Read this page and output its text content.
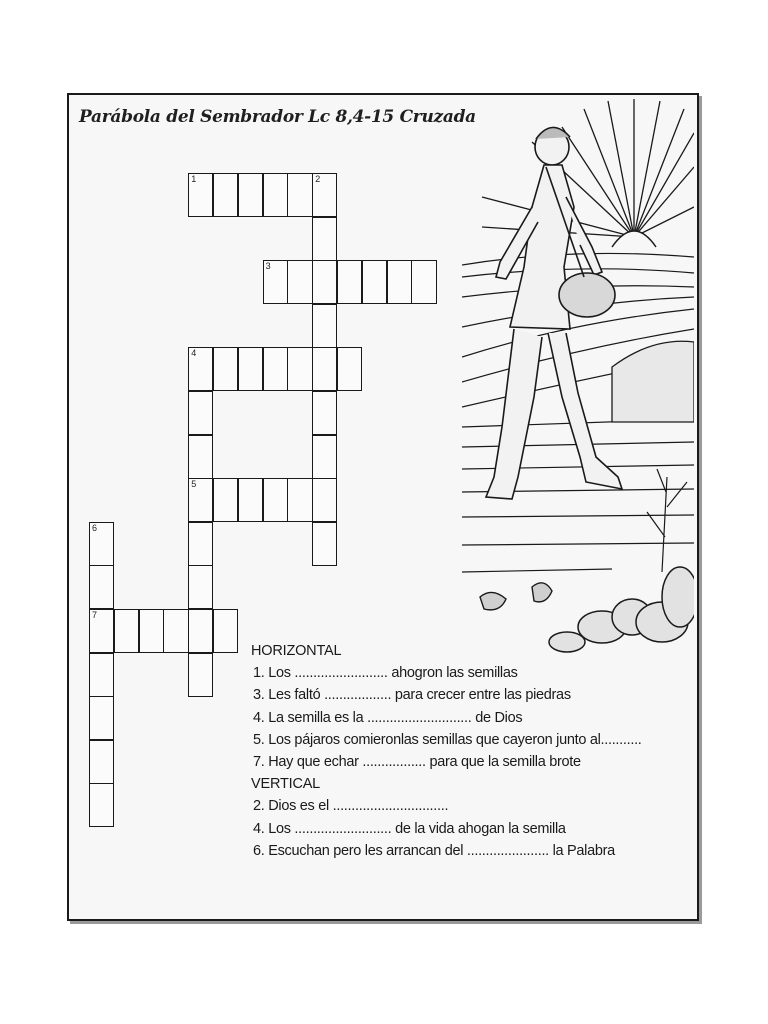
Parábola del Sembrador Lc 8,4-15 Cruzada
1	2
3
4
5
6
7
HORIZONTAL
1. Los ......................... ahogron las semillas
3. Les faltó .................. para crecer entre las piedras
4. La semilla es la ............................ de Dios
5. Los pájaros comieronlas semillas que cayeron junto al...........
7. Hay que echar ................. para que la semilla brote
VERTICAL
2. Dios es el ...............................
4. Los .......................... de la vida ahogan la semilla
6. Escuchan pero les arrancan del ...................... la Palabra
